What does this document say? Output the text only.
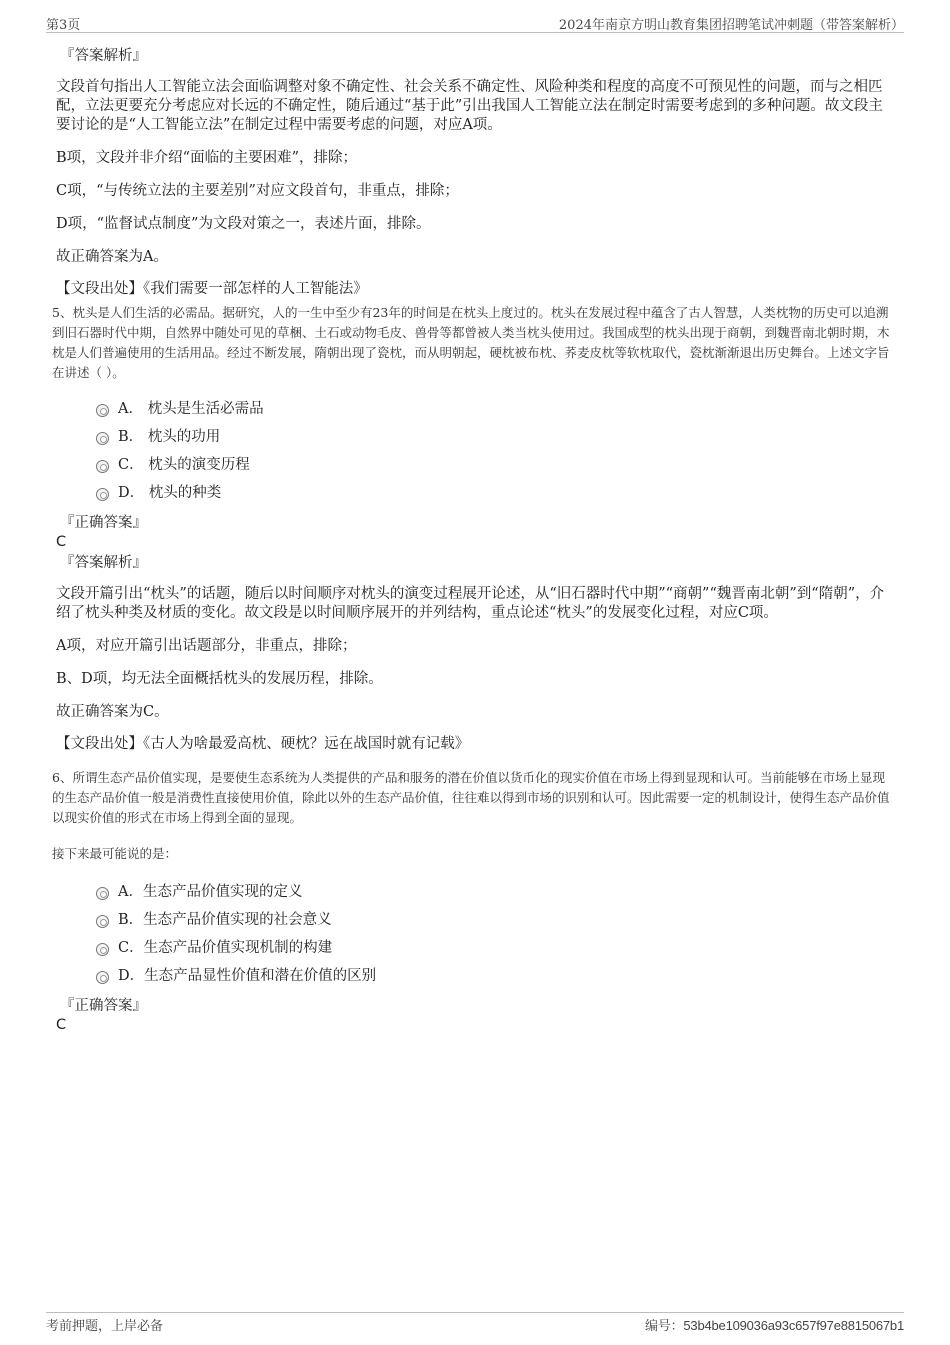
第3页	2024年南京方明山教育集团招聘笔试冲刺题（带答案解析）

『答案解析』

文段首句指出人工智能立法会面临调整对象不确定性、社会关系不确定性、风险种类和程度的高度不可预见性的问题，而与之相匹配，立法更要充分考虑应对长远的不确定性，随后通过“基于此”引出我国人工智能立法在制定时需要考虑到的多种问题。故文段主要讨论的是“人工智能立法”在制定过程中需要考虑的问题，对应A项。

B项，文段并非介绍“面临的主要困难”，排除；

C项，“与传统立法的主要差别”对应文段首句，非重点，排除；

D项，“监督试点制度”为文段对策之一，表述片面，排除。

故正确答案为A。

【文段出处】《我们需要一部怎样的人工智能法》

5、枕头是人们生活的必需品。据研究，人的一生中至少有23年的时间是在枕头上度过的。枕头在发展过程中蕴含了古人智慧，人类枕物的历史可以追溯到旧石器时代中期，自然界中随处可见的草梱、土石或动物毛皮、兽骨等都曾被人类当枕头使用过。我国成型的枕头出现于商朝，到魏晋南北朝时期，木枕是人们普遍使用的生活用品。经过不断发展，隋朝出现了瓷枕，而从明朝起，硬枕被布枕、荞麦皮枕等软枕取代，瓷枕渐渐退出历史舞台。上述文字旨在讲述（ ）。

A． 枕头是生活必需品
B． 枕头的功用
C． 枕头的演变历程
D． 枕头的种类

『正确答案』

C

『答案解析』

文段开篇引出“枕头”的话题，随后以时间顺序对枕头的演变过程展开论述，从“旧石器时代中期”“商朝”“魏晋南北朝”到“隋朝”，介绍了枕头种类及材质的变化。故文段是以时间顺序展开的并列结构，重点论述“枕头”的发展变化过程，对应C项。

A项，对应开篇引出话题部分，非重点，排除；

B、D项，均无法全面概括枕头的发展历程，排除。

故正确答案为C。

【文段出处】《古人为啥最爱高枕、硬枕？远在战国时就有记载》

6、所谓生态产品价值实现，是要使生态系统为人类提供的产品和服务的潜在价值以货币化的现实价值在市场上得到显现和认可。当前能够在市场上显现的生态产品价值一般是消费性直接使用价值，除此以外的生态产品价值，往往难以得到市场的识别和认可。因此需要一定的机制设计，使得生态产品价值以现实价值的形式在市场上得到全面的显现。

接下来最可能说的是：

A．生态产品价值实现的定义
B．生态产品价值实现的社会意义
C．生态产品价值实现机制的构建
D．生态产品显性价值和潜在价值的区别

『正确答案』

C

考前押题，上岸必备	编号：53b4be109036a93c657f97e8815067b1
